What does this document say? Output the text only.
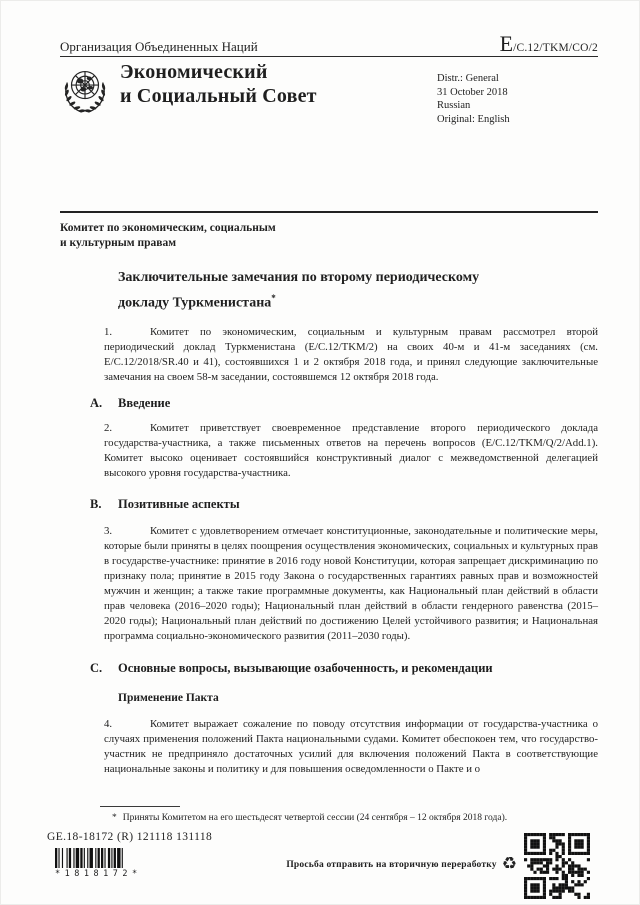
Организация Объединенных Наций	E/C.12/TKM/CO/2
Экономический
и Социальный Совет
Distr.: General
31 October 2018
Russian
Original: English
Комитет по экономическим, социальным
и культурным правам
Заключительные замечания по второму периодическому докладу Туркменистана*

1.	Комитет по экономическим, социальным и культурным правам рассмотрел второй периодический доклад Туркменистана (E/C.12/TKM/2) на своих 40-м и 41-м заседаниях (см. E/C.12/2018/SR.40 и 41), состоявшихся 1 и 2 октября 2018 года, и принял следующие заключительные замечания на своем 58-м заседании, состоявшемся 12 октября 2018 года.

A.	Введение

2.	Комитет приветствует своевременное представление второго периодического доклада государства-участника, а также письменных ответов на перечень вопросов (E/C.12/TKM/Q/2/Add.1). Комитет высоко оценивает состоявшийся конструктивный диалог с межведомственной делегацией высокого уровня государства-участника.

B.	Позитивные аспекты

3.	Комитет с удовлетворением отмечает конституционные, законодательные и политические меры, которые были приняты в целях поощрения осуществления экономических, социальных и культурных прав в государстве-участнике: принятие в 2016 году новой Конституции, которая запрещает дискриминацию по признаку пола; принятие в 2015 году Закона о государственных гарантиях равных прав и возможностей мужчин и женщин; а также такие программные документы, как Национальный план действий в области прав человека (2016–2020 годы); Национальный план действий в области гендерного равенства (2015–2020 годы); Национальный план действий по достижению Целей устойчивого развития; и Национальная программа социально-экономического развития (2011–2030 годы).

C.	Основные вопросы, вызывающие озабоченность, и рекомендации
Применение Пакта

4.	Комитет выражает сожаление по поводу отсутствия информации от государства-участника о случаях применения положений Пакта национальными судами. Комитет обеспокоен тем, что государство-участник не предприняло достаточных усилий для включения положений Пакта в соответствующие национальные законы и политику и для повышения осведомленности о Пакте и о

* Приняты Комитетом на его шестьдесят четвертой сессии (24 сентября – 12 октября 2018 года).
GE.18-18172 (R) 121118 131118
*1818172*
Просьба отправить на вторичную переработку ♻
